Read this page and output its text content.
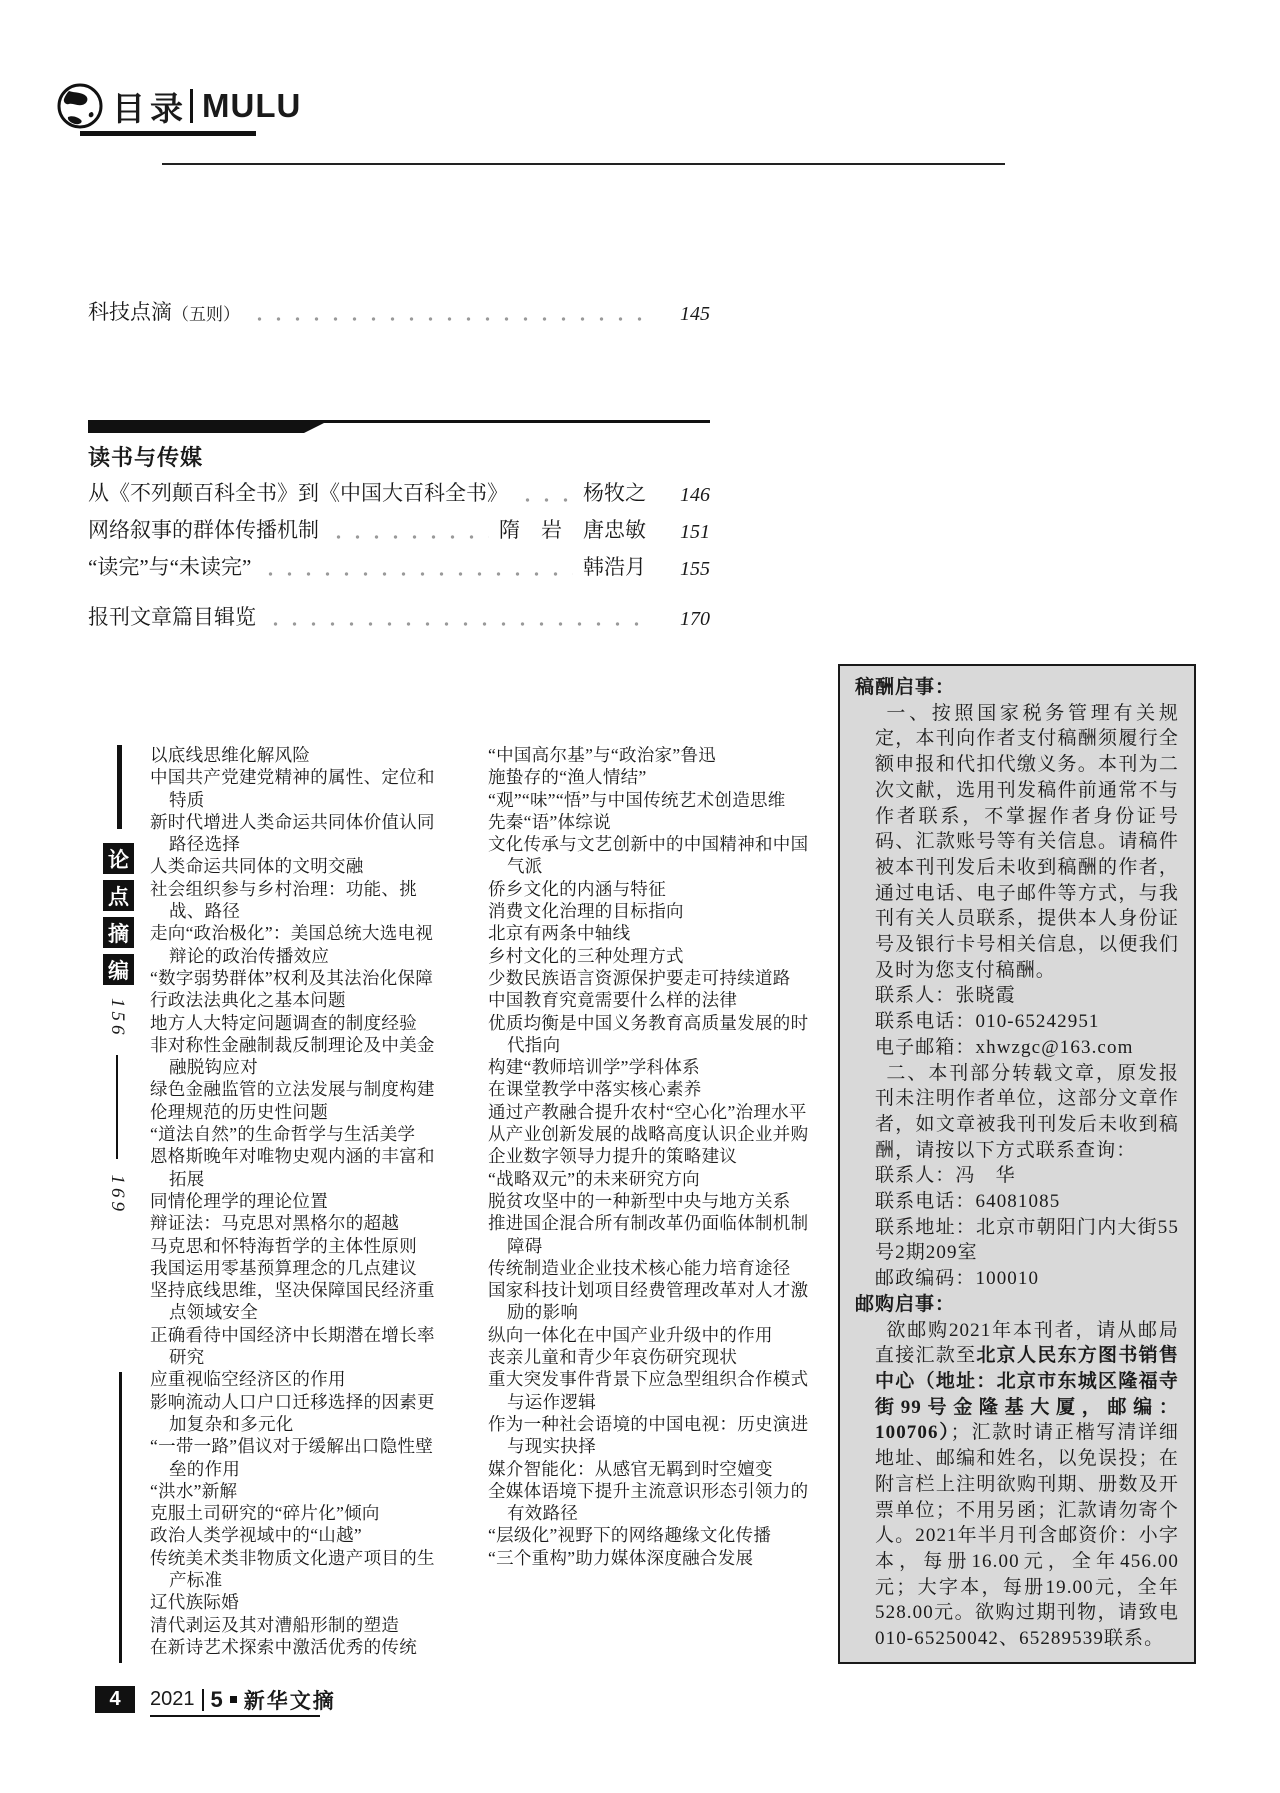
目录 MULU
科技点滴 （五则）	145
读书与传媒
从《不列颠百科全书》到《中国大百科全书》	杨牧之	146
网络叙事的群体传播机制	隋　岩　唐忠敏	151
“读完”与“未读完”	韩浩月	155
报刊文章篇目辑览	170
论
点
摘
编
156
169
以底线思维化解风险
中国共产党建党精神的属性、定位和特质
新时代增进人类命运共同体价值认同路径选择
人类命运共同体的文明交融
社会组织参与乡村治理：功能、挑战、路径
走向“政治极化”：美国总统大选电视辩论的政治传播效应
“数字弱势群体”权利及其法治化保障
行政法法典化之基本问题
地方人大特定问题调查的制度经验
非对称性金融制裁反制理论及中美金融脱钩应对
绿色金融监管的立法发展与制度构建
伦理规范的历史性问题
“道法自然”的生命哲学与生活美学
恩格斯晚年对唯物史观内涵的丰富和拓展
同情伦理学的理论位置
辩证法：马克思对黑格尔的超越
马克思和怀特海哲学的主体性原则
我国运用零基预算理念的几点建议
坚持底线思维，坚决保障国民经济重点领域安全
正确看待中国经济中长期潜在增长率研究
应重视临空经济区的作用
影响流动人口户口迁移选择的因素更加复杂和多元化
“一带一路”倡议对于缓解出口隐性壁垒的作用
“洪水”新解
克服土司研究的“碎片化”倾向
政治人类学视域中的“山越”
传统美术类非物质文化遗产项目的生产标准
辽代族际婚
清代剥运及其对漕船形制的塑造
在新诗艺术探索中激活优秀的传统
“中国高尔基”与“政治家”鲁迅
施蛰存的“渔人情结”
“观”“味”“悟”与中国传统艺术创造思维
先秦“语”体综说
文化传承与文艺创新中的中国精神和中国气派
侨乡文化的内涵与特征
消费文化治理的目标指向
北京有两条中轴线
乡村文化的三种处理方式
少数民族语言资源保护要走可持续道路
中国教育究竟需要什么样的法律
优质均衡是中国义务教育高质量发展的时代指向
构建“教师培训学”学科体系
在课堂教学中落实核心素养
通过产教融合提升农村“空心化”治理水平
从产业创新发展的战略高度认识企业并购
企业数字领导力提升的策略建议
“战略双元”的未来研究方向
脱贫攻坚中的一种新型中央与地方关系
推进国企混合所有制改革仍面临体制机制障碍
传统制造业企业技术核心能力培育途径
国家科技计划项目经费管理改革对人才激励的影响
纵向一体化在中国产业升级中的作用
丧亲儿童和青少年哀伤研究现状
重大突发事件背景下应急型组织合作模式与运作逻辑
作为一种社会语境的中国电视：历史演进与现实抉择
媒介智能化：从感官无羁到时空嬗变
全媒体语境下提升主流意识形态引领力的有效路径
“层级化”视野下的网络趣缘文化传播
“三个重构”助力媒体深度融合发展
稿酬启事：
一、按照国家税务管理有关规定，本刊向作者支付稿酬须履行全额申报和代扣代缴义务。本刊为二次文献，选用刊发稿件前通常不与作者联系，不掌握作者身份证号码、汇款账号等有关信息。请稿件被本刊刊发后未收到稿酬的作者，通过电话、电子邮件等方式，与我刊有关人员联系，提供本人身份证号及银行卡号相关信息，以便我们及时为您支付稿酬。
联系人：张晓霞
联系电话：010-65242951
电子邮箱：xhwzgc@163.com
二、本刊部分转载文章，原发报刊未注明作者单位，这部分文章作者，如文章被我刊刊发后未收到稿酬，请按以下方式联系查询：
联系人：冯　华
联系电话：64081085
联系地址：北京市朝阳门内大街55号2期209室
邮政编码：100010
邮购启事：
欲邮购2021年本刊者，请从邮局直接汇款至北京人民东方图书销售中心（地址：北京市东城区隆福寺街99号金隆基大厦，邮编：100706）；汇款时请正楷写清详细地址、邮编和姓名，以免误投；在附言栏上注明欲购刊期、册数及开票单位；不用另函；汇款请勿寄个人。2021年半月刊含邮资价：小字本，每册16.00元，全年456.00元；大字本，每册19.00元，全年528.00元。欲购过期刊物，请致电010-65250042、65289539联系。
4	2021 5 新华文摘
